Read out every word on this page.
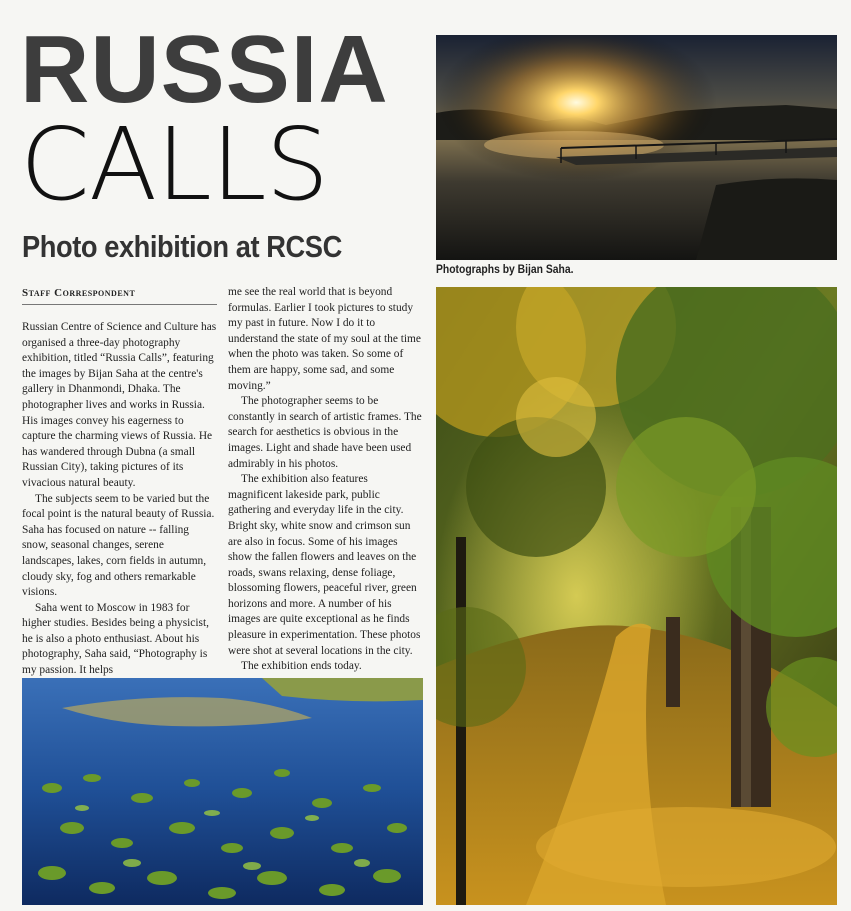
RUSSIA
CALLS
Photo exhibition at RCSC
Staff Correspondent

Russian Centre of Science and Culture has organised a three-day photography exhibition, titled “Russia Calls”, featuring the images by Bijan Saha at the centre's gallery in Dhanmondi, Dhaka. The photographer lives and works in Russia. His images convey his eagerness to capture the charming views of Russia. He has wandered through Dubna (a small Russian City), taking pictures of its vivacious natural beauty.

The subjects seem to be varied but the focal point is the natural beauty of Russia. Saha has focused on nature -- falling snow, seasonal changes, serene landscapes, lakes, corn fields in autumn, cloudy sky, fog and others remarkable visions.

Saha went to Moscow in 1983 for higher studies. Besides being a physicist, he is also a photo enthusiast. About his photography, Saha said, “Photography is my passion. It helps

me see the real world that is beyond formulas. Earlier I took pictures to study my past in future. Now I do it to understand the state of my soul at the time when the photo was taken. So some of them are happy, some sad, and some moving.”

The photographer seems to be constantly in search of artistic frames. The search for aesthetics is obvious in the images. Light and shade have been used admirably in his photos.

The exhibition also features magnificent lakeside park, public gathering and everyday life in the city. Bright sky, white snow and crimson sun are also in focus. Some of his images show the fallen flowers and leaves on the roads, swans relaxing, dense foliage, blossoming flowers, peaceful river, green horizons and more. A number of his images are quite exceptional as he finds pleasure in experimentation. These photos were shot at several locations in the city.

The exhibition ends today.

Photographs by Bijan Saha.
